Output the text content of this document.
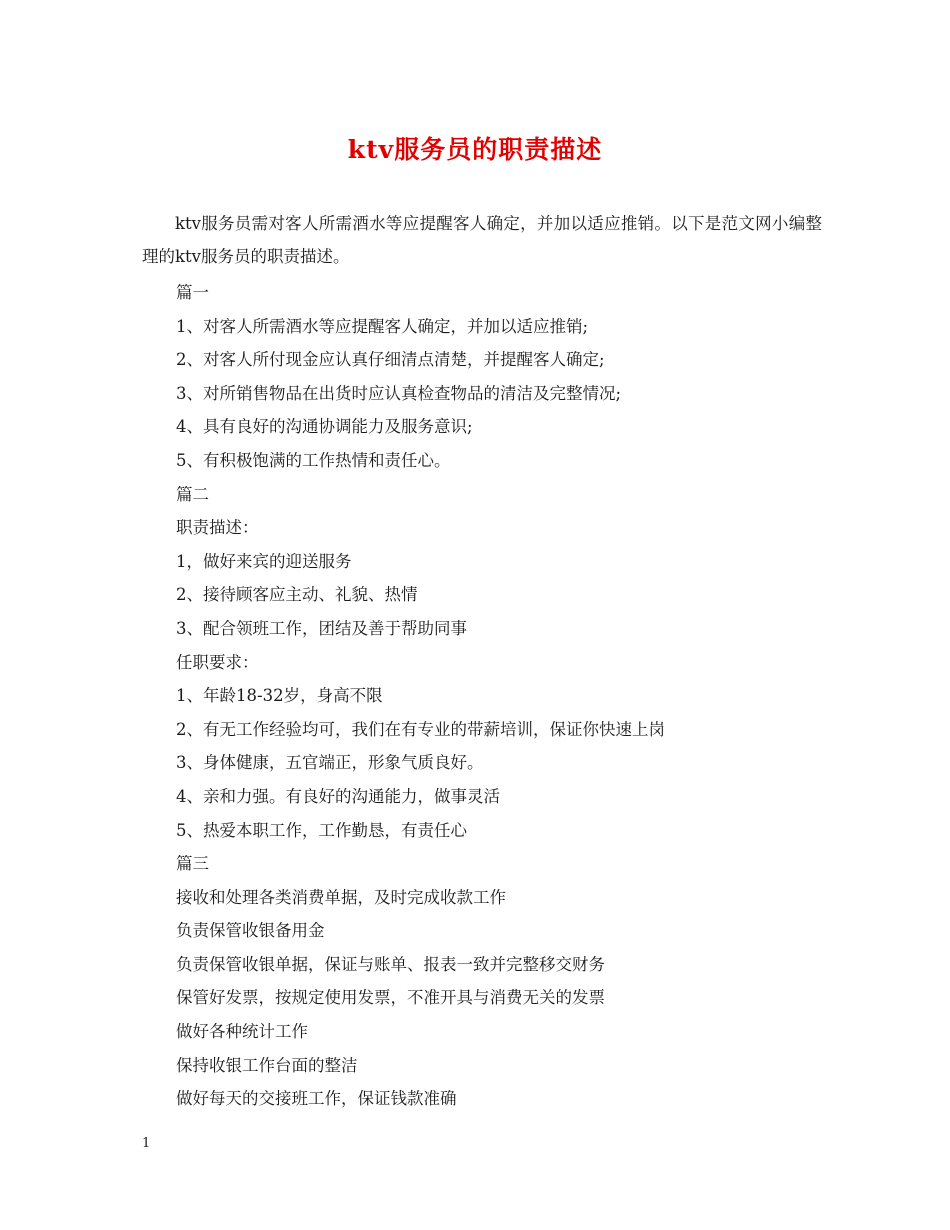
ktv服务员的职责描述
ktv服务员需对客人所需酒水等应提醒客人确定，并加以适应推销。以下是范文网小编整理的ktv服务员的职责描述。
篇一
1、对客人所需酒水等应提醒客人确定，并加以适应推销;
2、对客人所付现金应认真仔细清点清楚，并提醒客人确定;
3、对所销售物品在出货时应认真检查物品的清洁及完整情况;
4、具有良好的沟通协调能力及服务意识;
5、有积极饱满的工作热情和责任心。
篇二
职责描述：
1，做好来宾的迎送服务
2、接待顾客应主动、礼貌、热情
3、配合领班工作，团结及善于帮助同事
任职要求：
1、年龄18-32岁，身高不限
2、有无工作经验均可，我们在有专业的带薪培训，保证你快速上岗
3、身体健康，五官端正，形象气质良好。
4、亲和力强。有良好的沟通能力，做事灵活
5、热爱本职工作，工作勤恳，有责任心
篇三
接收和处理各类消费单据，及时完成收款工作
负责保管收银备用金
负责保管收银单据，保证与账单、报表一致并完整移交财务
保管好发票，按规定使用发票，不准开具与消费无关的发票
做好各种统计工作
保持收银工作台面的整洁
做好每天的交接班工作，保证钱款准确
1
